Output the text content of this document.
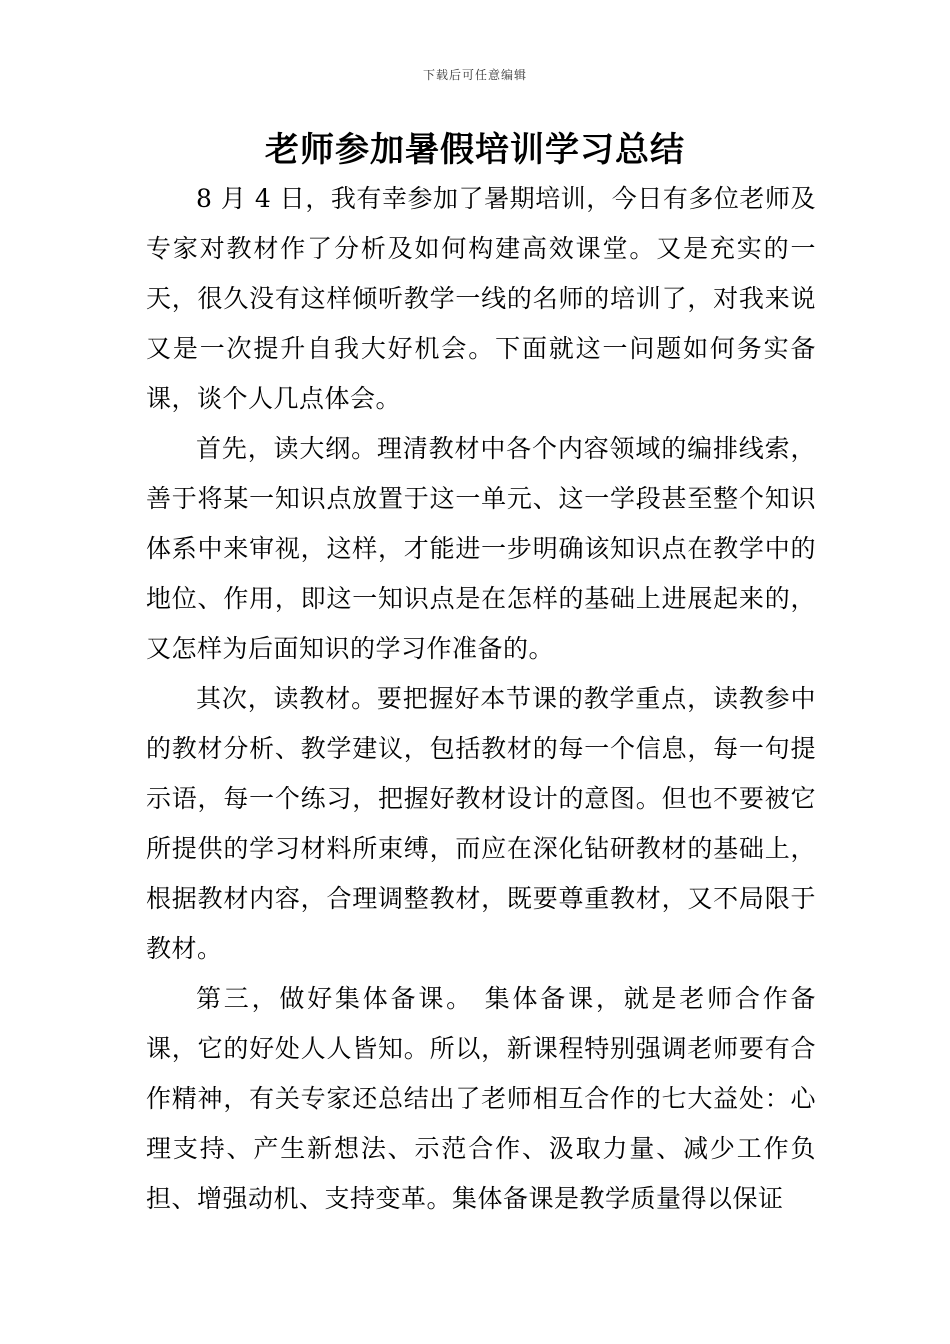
下载后可任意编辑
老师参加暑假培训学习总结

8 月 4 日，我有幸参加了暑期培训，今日有多位老师及专家对教材作了分析及如何构建高效课堂。又是充实的一天，很久没有这样倾听教学一线的名师的培训了，对我来说又是一次提升自我大好机会。下面就这一问题如何务实备课，谈个人几点体会。

首先，读大纲。理清教材中各个内容领域的编排线索，善于将某一知识点放置于这一单元、这一学段甚至整个知识体系中来审视，这样，才能进一步明确该知识点在教学中的地位、作用，即这一知识点是在怎样的基础上进展起来的，又怎样为后面知识的学习作准备的。

其次，读教材。要把握好本节课的教学重点，读教参中的教材分析、教学建议，包括教材的每一个信息，每一句提示语，每一个练习，把握好教材设计的意图。但也不要被它所提供的学习材料所束缚，而应在深化钻研教材的基础上，根据教材内容，合理调整教材，既要尊重教材，又不局限于教材。

第三，做好集体备课。 集体备课，就是老师合作备课，它的好处人人皆知。所以，新课程特别强调老师要有合作精神，有关专家还总结出了老师相互合作的七大益处：心理支持、产生新想法、示范合作、汲取力量、减少工作负担、增强动机、支持变革。集体备课是教学质量得以保证
